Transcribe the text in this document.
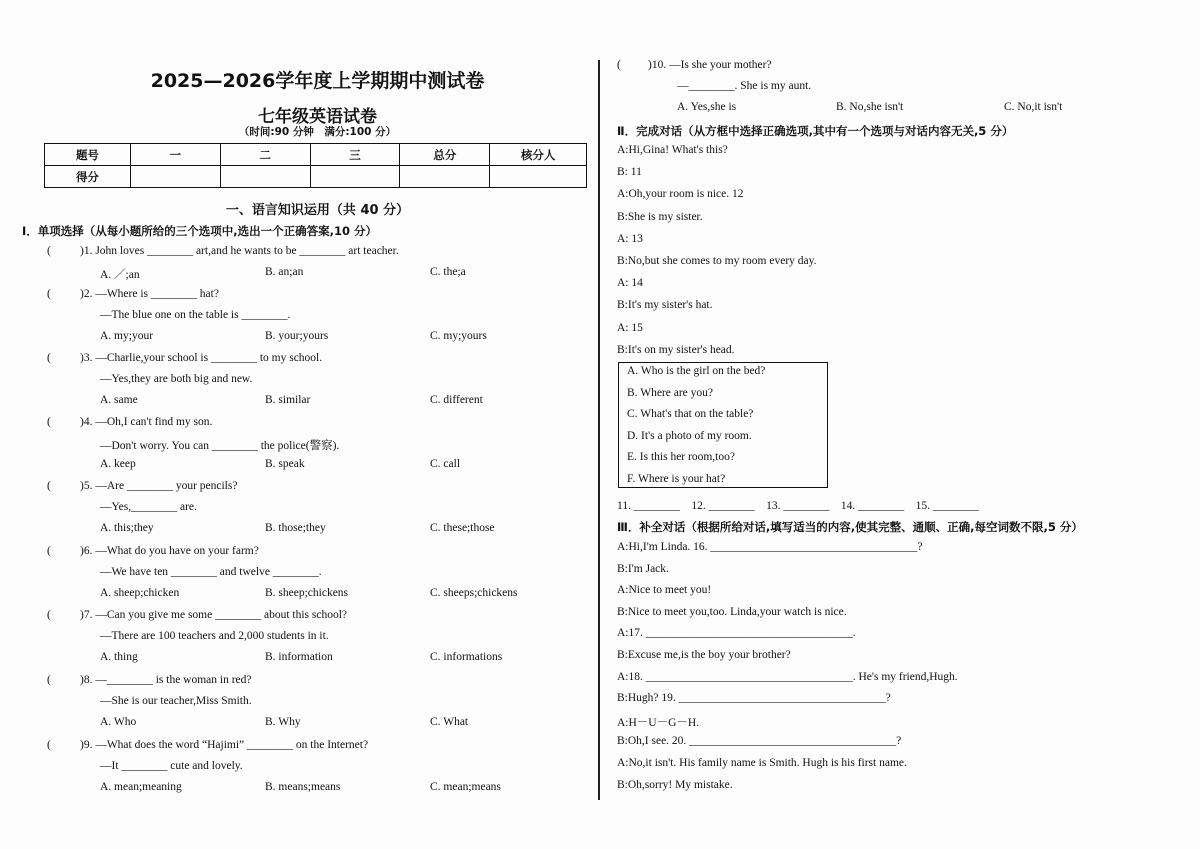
2025—2026学年度上学期期中测试卷
七年级英语试卷
（时间:90 分钟　满分:100 分）
题号	一	二	三	总分	核分人
得分					
一、语言知识运用（共 40 分）
Ⅰ．单项选择（从每小题所给的三个选项中,选出一个正确答案,10 分）
(	)1. John loves ________ art,and he wants to be ________ art teacher.
A. ／;an	B. an;an	C. the;a
(	)2. —Where is ________ hat?
—The blue one on the table is ________.
A. my;your	B. your;yours	C. my;yours
(	)3. —Charlie,your school is ________ to my school.
—Yes,they are both big and new.
A. same	B. similar	C. different
(	)4. —Oh,I can't find my son.
—Don't worry. You can ________ the police(警察).
A. keep	B. speak	C. call
(	)5. —Are ________ your pencils?
—Yes,________ are.
A. this;they	B. those;they	C. these;those
(	)6. —What do you have on your farm?
—We have ten ________ and twelve ________.
A. sheep;chicken	B. sheep;chickens	C. sheeps;chickens
(	)7. —Can you give me some ________ about this school?
—There are 100 teachers and 2,000 students in it.
A. thing	B. information	C. informations
(	)8. —________ is the woman in red?
—She is our teacher,Miss Smith.
A. Who	B. Why	C. What
(	)9. —What does the word “Hajimi” ________ on the Internet?
—It ________ cute and lovely.
A. mean;meaning	B. means;means	C. mean;means
( )10. —Is she your mother?
—________. She is my aunt.
A. Yes,she is	B. No,she isn't	C. No,it isn't
Ⅱ．完成对话（从方框中选择正确选项,其中有一个选项与对话内容无关,5 分）
A:Hi,Gina! What's this?
B: 11
A:Oh,your room is nice. 12
B:She is my sister.
A: 13
B:No,but she comes to my room every day.
A: 14
B:It's my sister's hat.
A: 15
B:It's on my sister's head.
A. Who is the girl on the bed?
B. Where are you?
C. What's that on the table?
D. It's a photo of my room.
E. Is this her room,too?
F. Where is your hat?
11. ________　12. ________　13. ________　14. ________　15. ________
Ⅲ．补全对话（根据所给对话,填写适当的内容,使其完整、通顺、正确,每空词数不限,5 分）
A:Hi,I'm Linda. 16. ____________________________________?
B:I'm Jack.
A:Nice to meet you!
B:Nice to meet you,too. Linda,your watch is nice.
A:17. ____________________________________.
B:Excuse me,is the boy your brother?
A:18. ____________________________________. He's my friend,Hugh.
B:Hugh? 19. ____________________________________?
A:H－U－G－H.
B:Oh,I see. 20. ____________________________________?
A:No,it isn't. His family name is Smith. Hugh is his first name.
B:Oh,sorry! My mistake.
